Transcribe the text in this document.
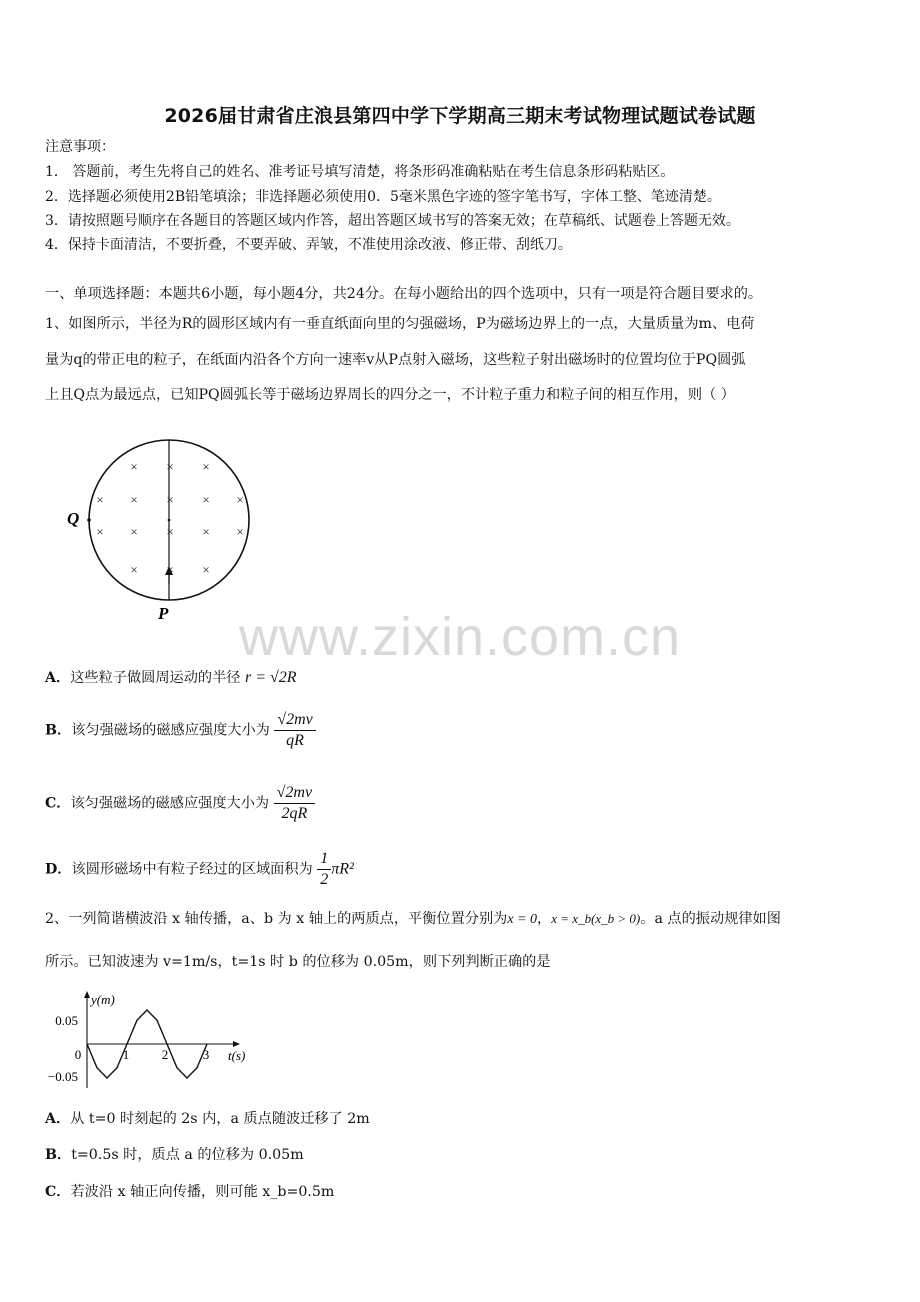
2026届甘肃省庄浪县第四中学下学期高三期末考试物理试题试卷试题
注意事项：
1． 答题前，考生先将自己的姓名、准考证号填写清楚，将条形码准确粘贴在考生信息条形码粘贴区。
2．选择题必须使用2B铅笔填涂；非选择题必须使用0．5毫米黑色字迹的签字笔书写，字体工整、笔迹清楚。
3．请按照题号顺序在各题目的答题区域内作答，超出答题区域书写的答案无效；在草稿纸、试题卷上答题无效。
4．保持卡面清洁，不要折叠，不要弄破、弄皱，不准使用涂改液、修正带、刮纸刀。
一、单项选择题：本题共6小题，每小题4分，共24分。在每小题给出的四个选项中，只有一项是符合题目要求的。
1、如图所示，半径为R的圆形区域内有一垂直纸面向里的匀强磁场，P为磁场边界上的一点，大量质量为m、电荷
量为q的带正电的粒子，在纸面内沿各个方向一速率v从P点射入磁场，这些粒子射出磁场时的位置均位于PQ圆弧
上且Q点为最远点，已知PQ圆弧长等于磁场边界周长的四分之一，不计粒子重力和粒子间的相互作用，则（ ）
× × ×
× × × × ×
× × × × ×
× × ×
Q
P	www.zixin.com.cn
A．这些粒子做圆周运动的半径 r = √2R
B．该匀强磁场的磁感应强度大小为 $\frac{√2mv}{qR}$
C．该匀强磁场的磁感应强度大小为 $\frac{√2mv}{2qR}$
D．该圆形磁场中有粒子经过的区域面积为 $\frac{1}{2} \pi R^2$
2、一列简谐横波沿 x 轴传播，a、b 为 x 轴上的两质点，平衡位置分别为x = 0，x = x_b(x_b > 0)。a 点的振动规律如图
所示。已知波速为 v=1m/s，t=1s 时 b 的位移为 0.05m，则下列判断正确的是
y(m)
t(s)
0	1	2	3
0.05
−0.05
A．从 t=0 时刻起的 2s 内，a 质点随波迁移了 2m
B．t=0.5s 时，质点 a 的位移为 0.05m
C．若波沿 x 轴正向传播，则可能 x_b=0.5m
